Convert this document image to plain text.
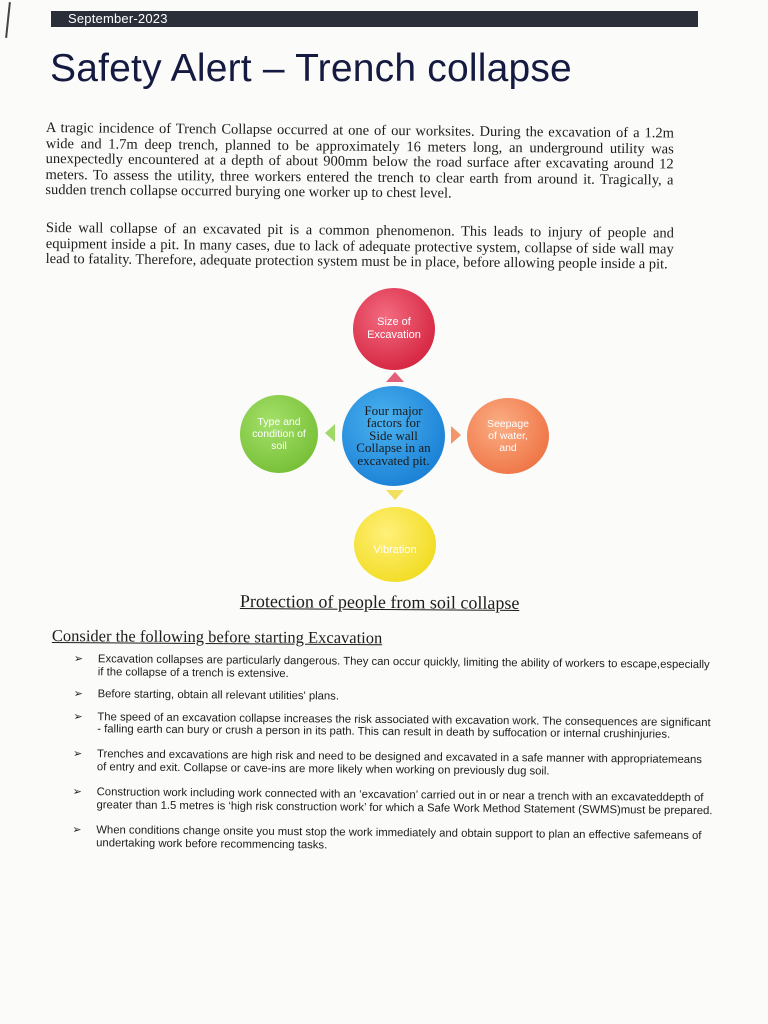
September-2023
Safety Alert – Trench collapse

A tragic incidence of Trench Collapse occurred at one of our worksites. During the excavation of a 1.2m wide and 1.7m deep trench, planned to be approximately 16 meters long, an underground utility was unexpectedly encountered at a depth of about 900mm below the road surface after excavating around 12 meters. To assess the utility, three workers entered the trench to clear earth from around it. Tragically, a sudden trench collapse occurred burying one worker up to chest level.

Side wall collapse of an excavated pit is a common phenomenon. This leads to injury of people and equipment inside a pit. In many cases, due to lack of adequate protective system, collapse of side wall may lead to fatality. Therefore, adequate protection system must be in place, before allowing people inside a pit.

Size of Excavation
Type and condition of soil
Four major factors for Side wall Collapse in an excavated pit.
Seepage of water, and
Vibration
Protection of people from soil collapse
Consider the following before starting Excavation
➢ Excavation collapses are particularly dangerous. They can occur quickly, limiting the ability of workers to escape,especially if the collapse of a trench is extensive.
➢ Before starting, obtain all relevant utilities' plans.
➢ The speed of an excavation collapse increases the risk associated with excavation work. The consequences are significant - falling earth can bury or crush a person in its path. This can result in death by suffocation or internal crushinjuries.
➢ Trenches and excavations are high risk and need to be designed and excavated in a safe manner with appropriatemeans of entry and exit. Collapse or cave-ins are more likely when working on previously dug soil.
➢ Construction work including work connected with an ‘excavation’ carried out in or near a trench with an excavateddepth of greater than 1.5 metres is ‘high risk construction work’ for which a Safe Work Method Statement (SWMS)must be prepared.
➢ When conditions change onsite you must stop the work immediately and obtain support to plan an effective safemeans of undertaking work before recommencing tasks.
